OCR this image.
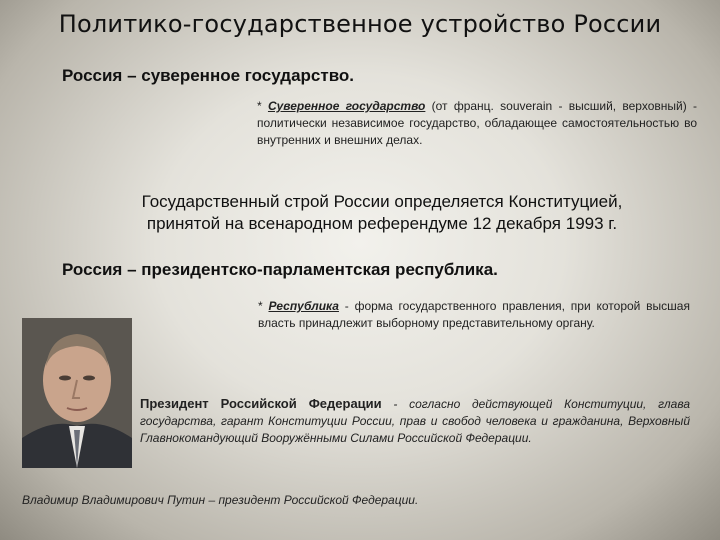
Политико-государственное устройство России
Россия – суверенное государство.
* Суверенное государство (от франц. souverain - высший, верховный) - политически независимое государство, обладающее самостоятельностью во внутренних и внешних делах.
Государственный строй России определяется Конституцией,
принятой на всенародном референдуме 12 декабря 1993 г.
Россия – президентско-парламентская республика.
* Республика - форма государственного правления, при которой высшая власть принадлежит выборному представительному органу.
Президент Российской Федерации - согласно действующей Конституции, глава государства, гарант Конституции России, прав и свобод человека и гражданина, Верховный Главнокомандующий Вооружёнными Силами Российской Федерации.
Владимир Владимирович Путин – президент Российской Федерации.
